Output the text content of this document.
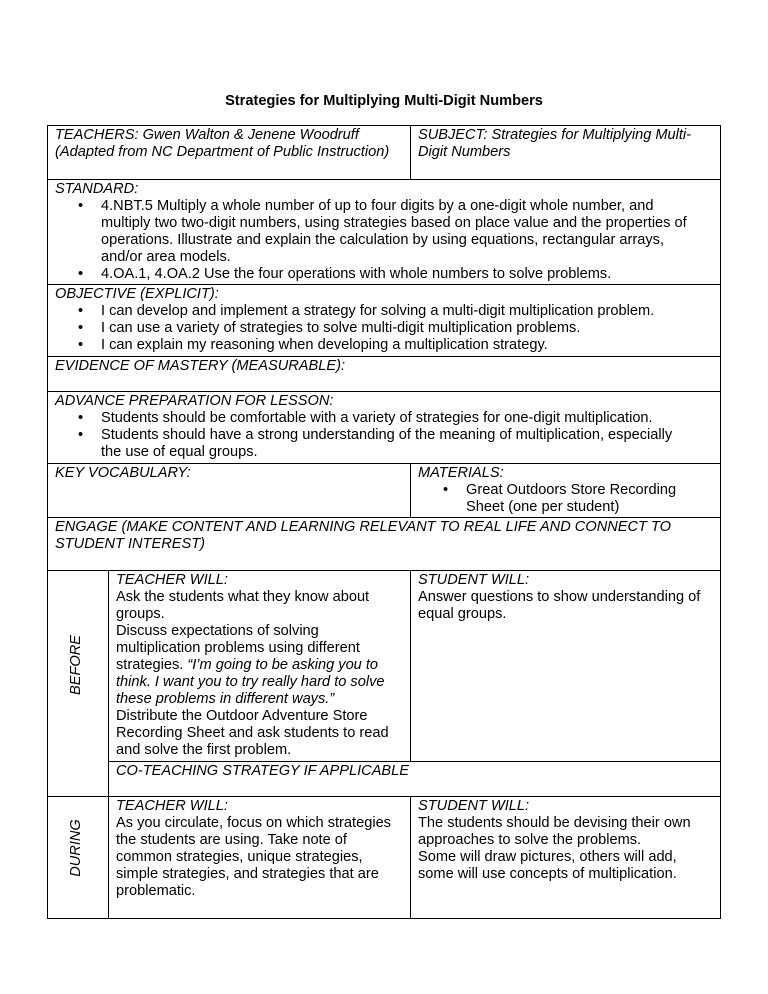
Strategies for Multiplying Multi-Digit Numbers
TEACHERS: Gwen Walton & Jenene Woodruff
(Adapted from NC Department of Public Instruction)
SUBJECT: Strategies for Multiplying Multi-
Digit Numbers
STANDARD:
• 4.NBT.5 Multiply a whole number of up to four digits by a one-digit whole number, and
multiply two two-digit numbers, using strategies based on place value and the properties of
operations. Illustrate and explain the calculation by using equations, rectangular arrays,
and/or area models.
• 4.OA.1, 4.OA.2 Use the four operations with whole numbers to solve problems.
OBJECTIVE (EXPLICIT):
• I can develop and implement a strategy for solving a multi-digit multiplication problem.
• I can use a variety of strategies to solve multi-digit multiplication problems.
• I can explain my reasoning when developing a multiplication strategy.
EVIDENCE OF MASTERY (MEASURABLE):
ADVANCE PREPARATION FOR LESSON:
• Students should be comfortable with a variety of strategies for one-digit multiplication.
• Students should have a strong understanding of the meaning of multiplication, especially
the use of equal groups.
KEY VOCABULARY:	MATERIALS:
• Great Outdoors Store Recording
Sheet (one per student)
ENGAGE (MAKE CONTENT AND LEARNING RELEVANT TO REAL LIFE AND CONNECT TO
STUDENT INTEREST)
BEFORE
TEACHER WILL:
Ask the students what they know about
groups.
Discuss expectations of solving
multiplication problems using different
strategies. “I’m going to be asking you to
think. I want you to try really hard to solve
these problems in different ways.”
Distribute the Outdoor Adventure Store
Recording Sheet and ask students to read
and solve the first problem.
STUDENT WILL:
Answer questions to show understanding of
equal groups.
CO-TEACHING STRATEGY IF APPLICABLE
DURING
TEACHER WILL:
As you circulate, focus on which strategies
the students are using. Take note of
common strategies, unique strategies,
simple strategies, and strategies that are
problematic.
STUDENT WILL:
The students should be devising their own
approaches to solve the problems.
Some will draw pictures, others will add,
some will use concepts of multiplication.
